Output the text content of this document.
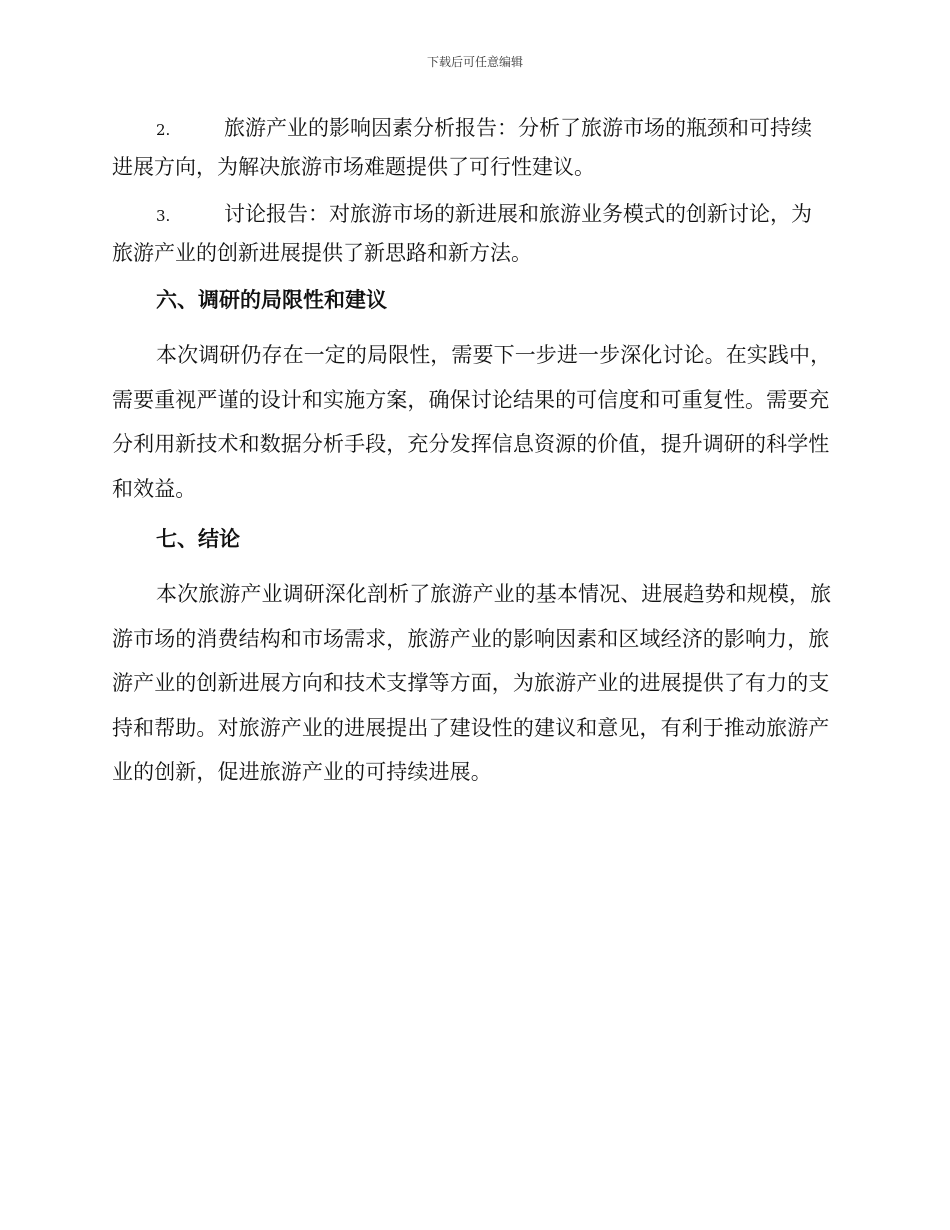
下载后可任意编辑

2.	旅游产业的影响因素分析报告：分析了旅游市场的瓶颈和可持续进展方向，为解决旅游市场难题提供了可行性建议。

3.	讨论报告：对旅游市场的新进展和旅游业务模式的创新讨论，为旅游产业的创新进展提供了新思路和新方法。

六、调研的局限性和建议

本次调研仍存在一定的局限性，需要下一步进一步深化讨论。在实践中，需要重视严谨的设计和实施方案，确保讨论结果的可信度和可重复性。需要充分利用新技术和数据分析手段，充分发挥信息资源的价值，提升调研的科学性和效益。

七、结论

本次旅游产业调研深化剖析了旅游产业的基本情况、进展趋势和规模，旅游市场的消费结构和市场需求，旅游产业的影响因素和区域经济的影响力，旅游产业的创新进展方向和技术支撑等方面，为旅游产业的进展提供了有力的支持和帮助。对旅游产业的进展提出了建设性的建议和意见，有利于推动旅游产业的创新，促进旅游产业的可持续进展。
